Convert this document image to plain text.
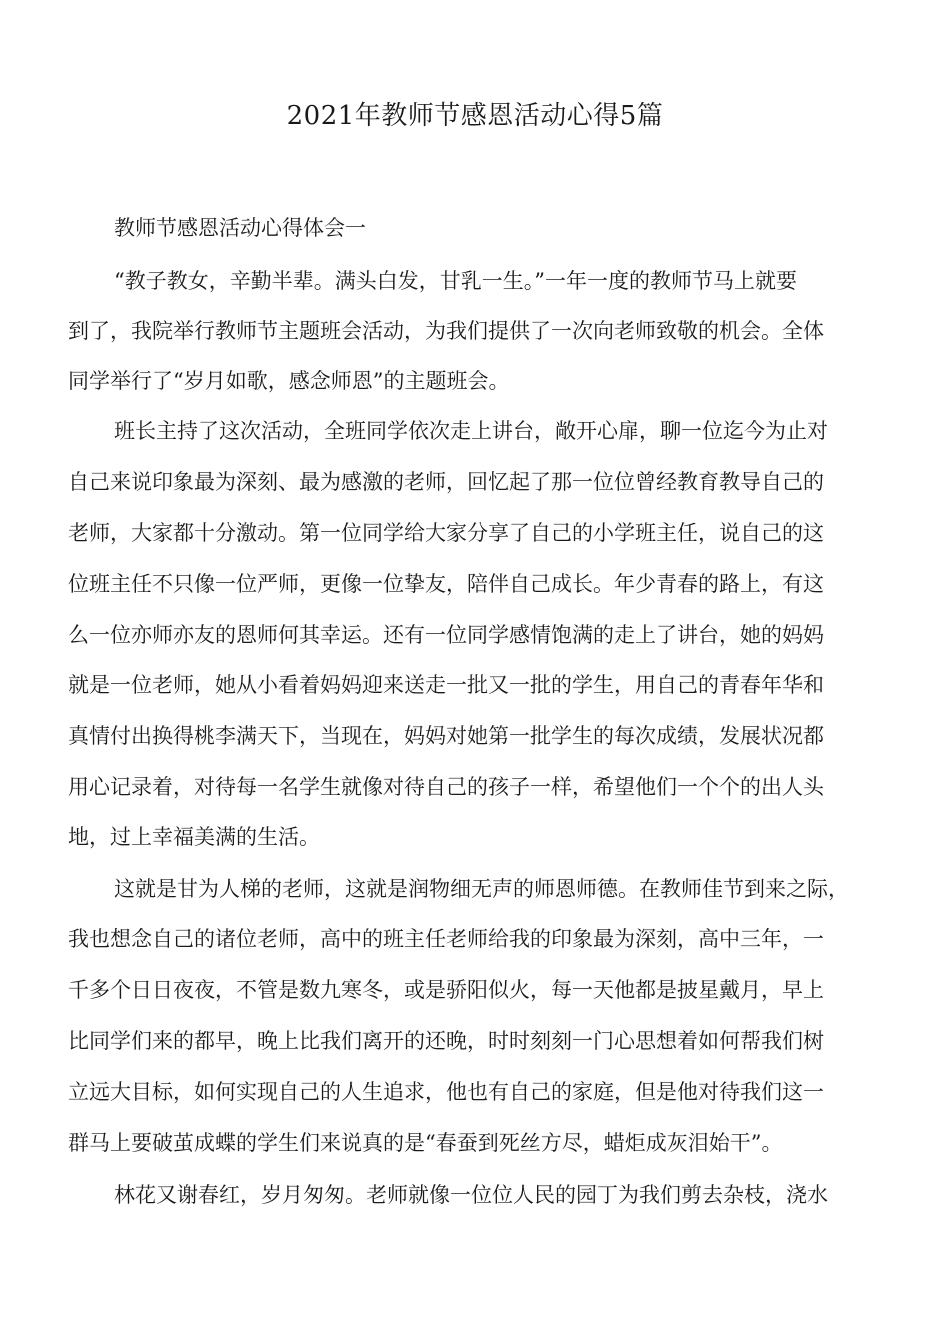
2021年教师节感恩活动心得5篇

教师节感恩活动心得体会一

“教子教女，辛勤半辈。满头白发，甘乳一生。”一年一度的教师节马上就要

到了，我院举行教师节主题班会活动，为我们提供了一次向老师致敬的机会。全体

同学举行了“岁月如歌，感念师恩”的主题班会。

班长主持了这次活动，全班同学依次走上讲台，敞开心扉，聊一位迄今为止对

自己来说印象最为深刻、最为感激的老师，回忆起了那一位位曾经教育教导自己的

老师，大家都十分激动。第一位同学给大家分享了自己的小学班主任，说自己的这

位班主任不只像一位严师，更像一位挚友，陪伴自己成长。年少青春的路上，有这

么一位亦师亦友的恩师何其幸运。还有一位同学感情饱满的走上了讲台，她的妈妈

就是一位老师，她从小看着妈妈迎来送走一批又一批的学生，用自己的青春年华和

真情付出换得桃李满天下，当现在，妈妈对她第一批学生的每次成绩，发展状况都

用心记录着，对待每一名学生就像对待自己的孩子一样，希望他们一个个的出人头

地，过上幸福美满的生活。

这就是甘为人梯的老师，这就是润物细无声的师恩师德。在教师佳节到来之际，

我也想念自己的诸位老师，高中的班主任老师给我的印象最为深刻，高中三年，一

千多个日日夜夜，不管是数九寒冬，或是骄阳似火，每一天他都是披星戴月，早上

比同学们来的都早，晚上比我们离开的还晚，时时刻刻一门心思想着如何帮我们树

立远大目标，如何实现自己的人生追求，他也有自己的家庭，但是他对待我们这一

群马上要破茧成蝶的学生们来说真的是“春蚕到死丝方尽，蜡炬成灰泪始干”。

林花又谢春红，岁月匆匆。老师就像一位位人民的园丁为我们剪去杂枝，浇水
